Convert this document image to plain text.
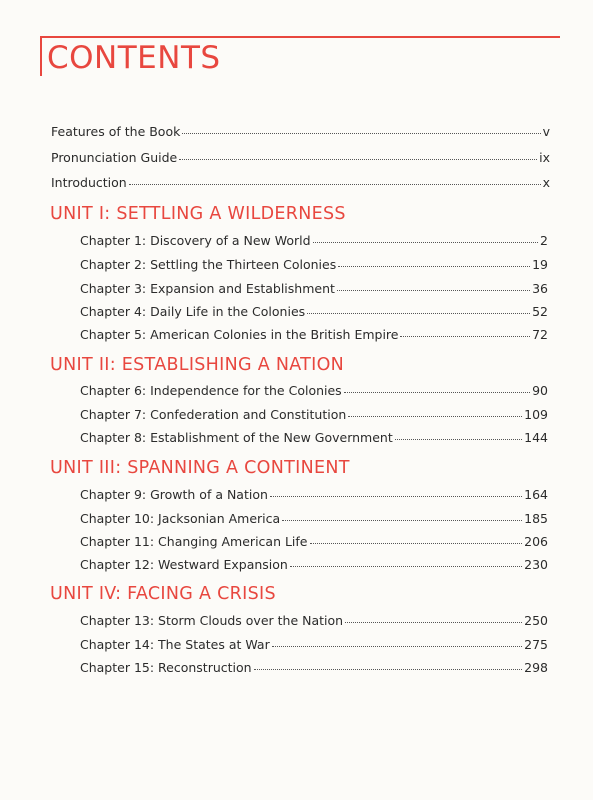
CONTENTS
Features of the Book	v
Pronunciation Guide	ix
Introduction	x
UNIT I: SETTLING A WILDERNESS
Chapter 1: Discovery of a New World	2
Chapter 2: Settling the Thirteen Colonies	19
Chapter 3: Expansion and Establishment	36
Chapter 4: Daily Life in the Colonies	52
Chapter 5: American Colonies in the British Empire	72
UNIT II: ESTABLISHING A NATION
Chapter 6: Independence for the Colonies	90
Chapter 7: Confederation and Constitution	109
Chapter 8: Establishment of the New Government	144
UNIT III: SPANNING A CONTINENT
Chapter 9: Growth of a Nation	164
Chapter 10: Jacksonian America	185
Chapter 11: Changing American Life	206
Chapter 12: Westward Expansion	230
UNIT IV: FACING A CRISIS
Chapter 13: Storm Clouds over the Nation	250
Chapter 14: The States at War	275
Chapter 15: Reconstruction	298
